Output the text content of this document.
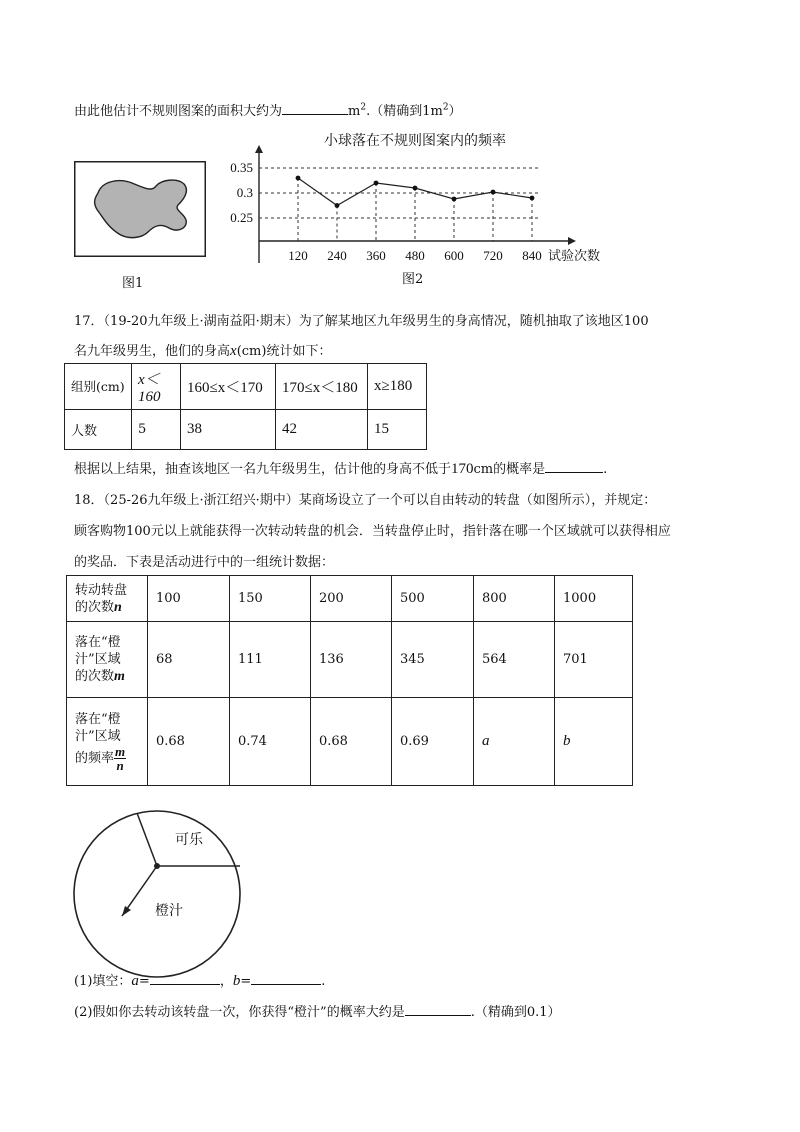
由此他估计不规则图案的面积大约为	$m^2$.（精确到$1m^2$）
图1
小球落在不规则图案内的频率
0.35
0.3
0.25
120 240 360 480 600 720 840 试验次数
图2
17．（19-20九年级上·湖南益阳·期末）为了解某地区九年级男生的身高情况，随机抽取了该地区100
名九年级男生，他们的身高x(cm)统计如下：
组别(cm)	x＜160	160≤x＜170	170≤x＜180	x≥180
人数	5	38	42	15
根据以上结果，抽查该地区一名九年级男生，估计他的身高不低于170cm的概率是	.
18．（25-26九年级上·浙江绍兴·期中）某商场设立了一个可以自由转动的转盘（如图所示），并规定：
顾客购物100元以上就能获得一次转动转盘的机会．当转盘停止时，指针落在哪一个区域就可以获得相应
的奖品．下表是活动进行中的一组统计数据：
转动转盘
的次数n	100	150	200	500	800	1000

落在“橙
汁”区域
的次数m	68	111	136	345	564	701

落在“橙
汁”区域
的频率 $\frac{m}{n}$	0.68	0.74	0.68	0.69	a	b
可乐
橙汁
(1)填空：a=	，b=	.
(2)假如你去转动该转盘一次，你获得“橙汁”的概率大约是	.（精确到0.1）
